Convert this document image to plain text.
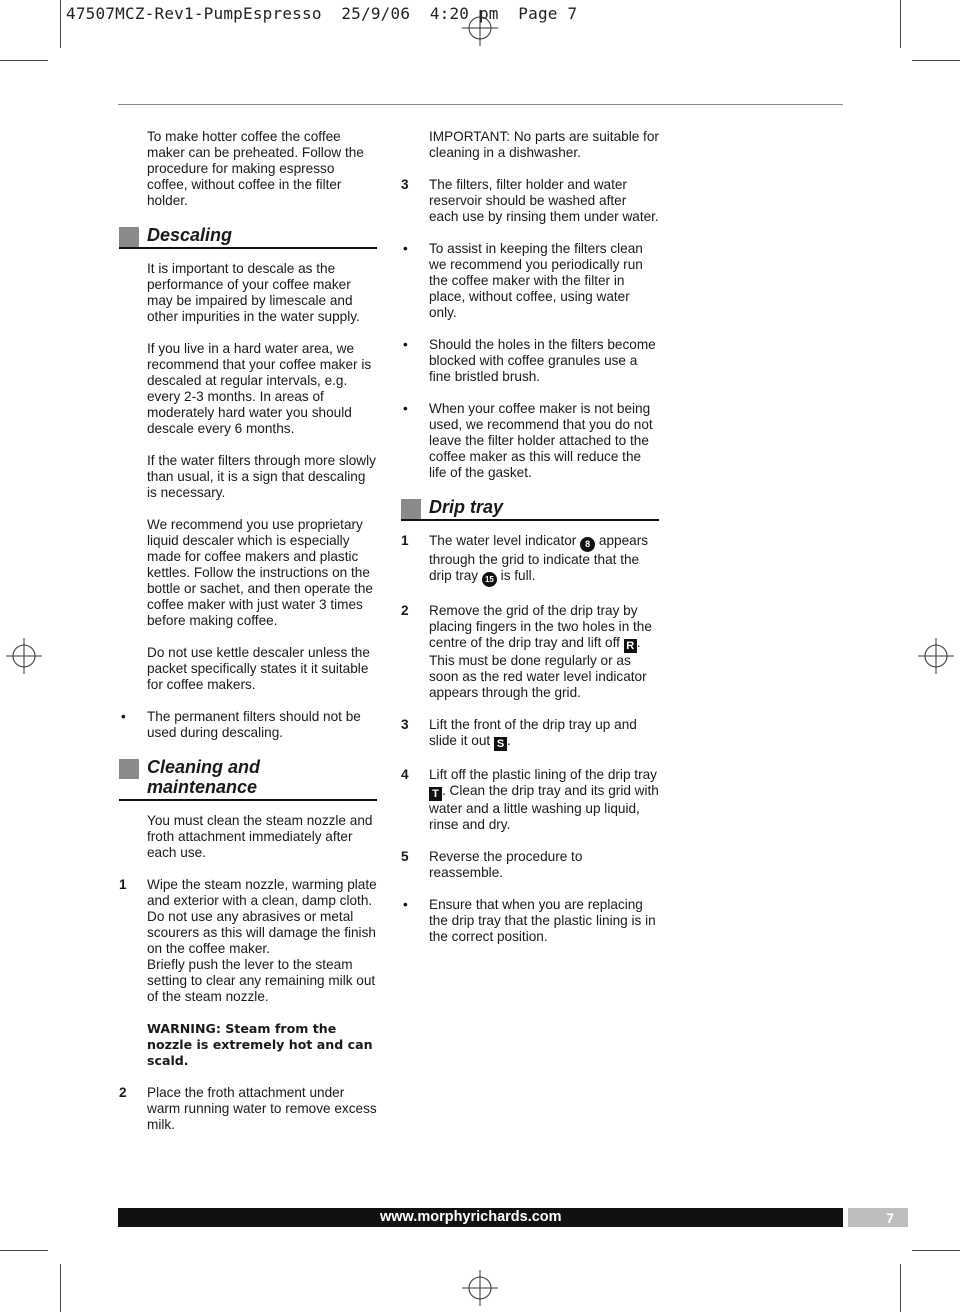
47507MCZ-Rev1-PumpEspresso  25/9/06  4:20 pm  Page 7

To make hotter coffee the coffee maker can be preheated. Follow the procedure for making espresso coffee, without coffee in the filter holder.

Descaling

It is important to descale as the performance of your coffee maker may be impaired by limescale and other impurities in the water supply.

If you live in a hard water area, we recommend that your coffee maker is descaled at regular intervals, e.g. every 2-3 months. In areas of moderately hard water you should descale every 6 months.

If the water filters through more slowly than usual, it is a sign that descaling is necessary.

We recommend you use proprietary liquid descaler which is especially made for coffee makers and plastic kettles. Follow the instructions on the bottle or sachet, and then operate the coffee maker with just water 3 times before making coffee.

Do not use kettle descaler unless the packet specifically states it it suitable for coffee makers.

• The permanent filters should not be used during descaling.
Cleaning and maintenance

You must clean the steam nozzle and froth attachment immediately after each use.

1 Wipe the steam nozzle, warming plate and exterior with a clean, damp cloth. Do not use any abrasives or metal scourers as this will damage the finish on the coffee maker.
Briefly push the lever to the steam setting to clear any remaining milk out of the steam nozzle.

WARNING: Steam from the nozzle is extremely hot and can scald.

2 Place the froth attachment under warm running water to remove excess milk.

IMPORTANT: No parts are suitable for cleaning in a dishwasher.

3 The filters, filter holder and water reservoir should be washed after each use by rinsing them under water.
• To assist in keeping the filters clean we recommend you periodically run the coffee maker with the filter in place, without coffee, using water only.
• Should the holes in the filters become blocked with coffee granules use a fine bristled brush.
• When your coffee maker is not being used, we recommend that you do not leave the filter holder attached to the coffee maker as this will reduce the life of the gasket.
Drip tray
1 The water level indicator 8 appears through the grid to indicate that the drip tray 15 is full.
2 Remove the grid of the drip tray by placing fingers in the two holes in the centre of the drip tray and lift off R . This must be done regularly or as soon as the red water level indicator appears through the grid.
3 Lift the front of the drip tray up and slide it out S .
4 Lift off the plastic lining of the drip tray T . Clean the drip tray and its grid with water and a little washing up liquid, rinse and dry.
5 Reverse the procedure to reassemble.
• Ensure that when you are replacing the drip tray that the plastic lining is in the correct position.
www.morphyrichards.com	7
